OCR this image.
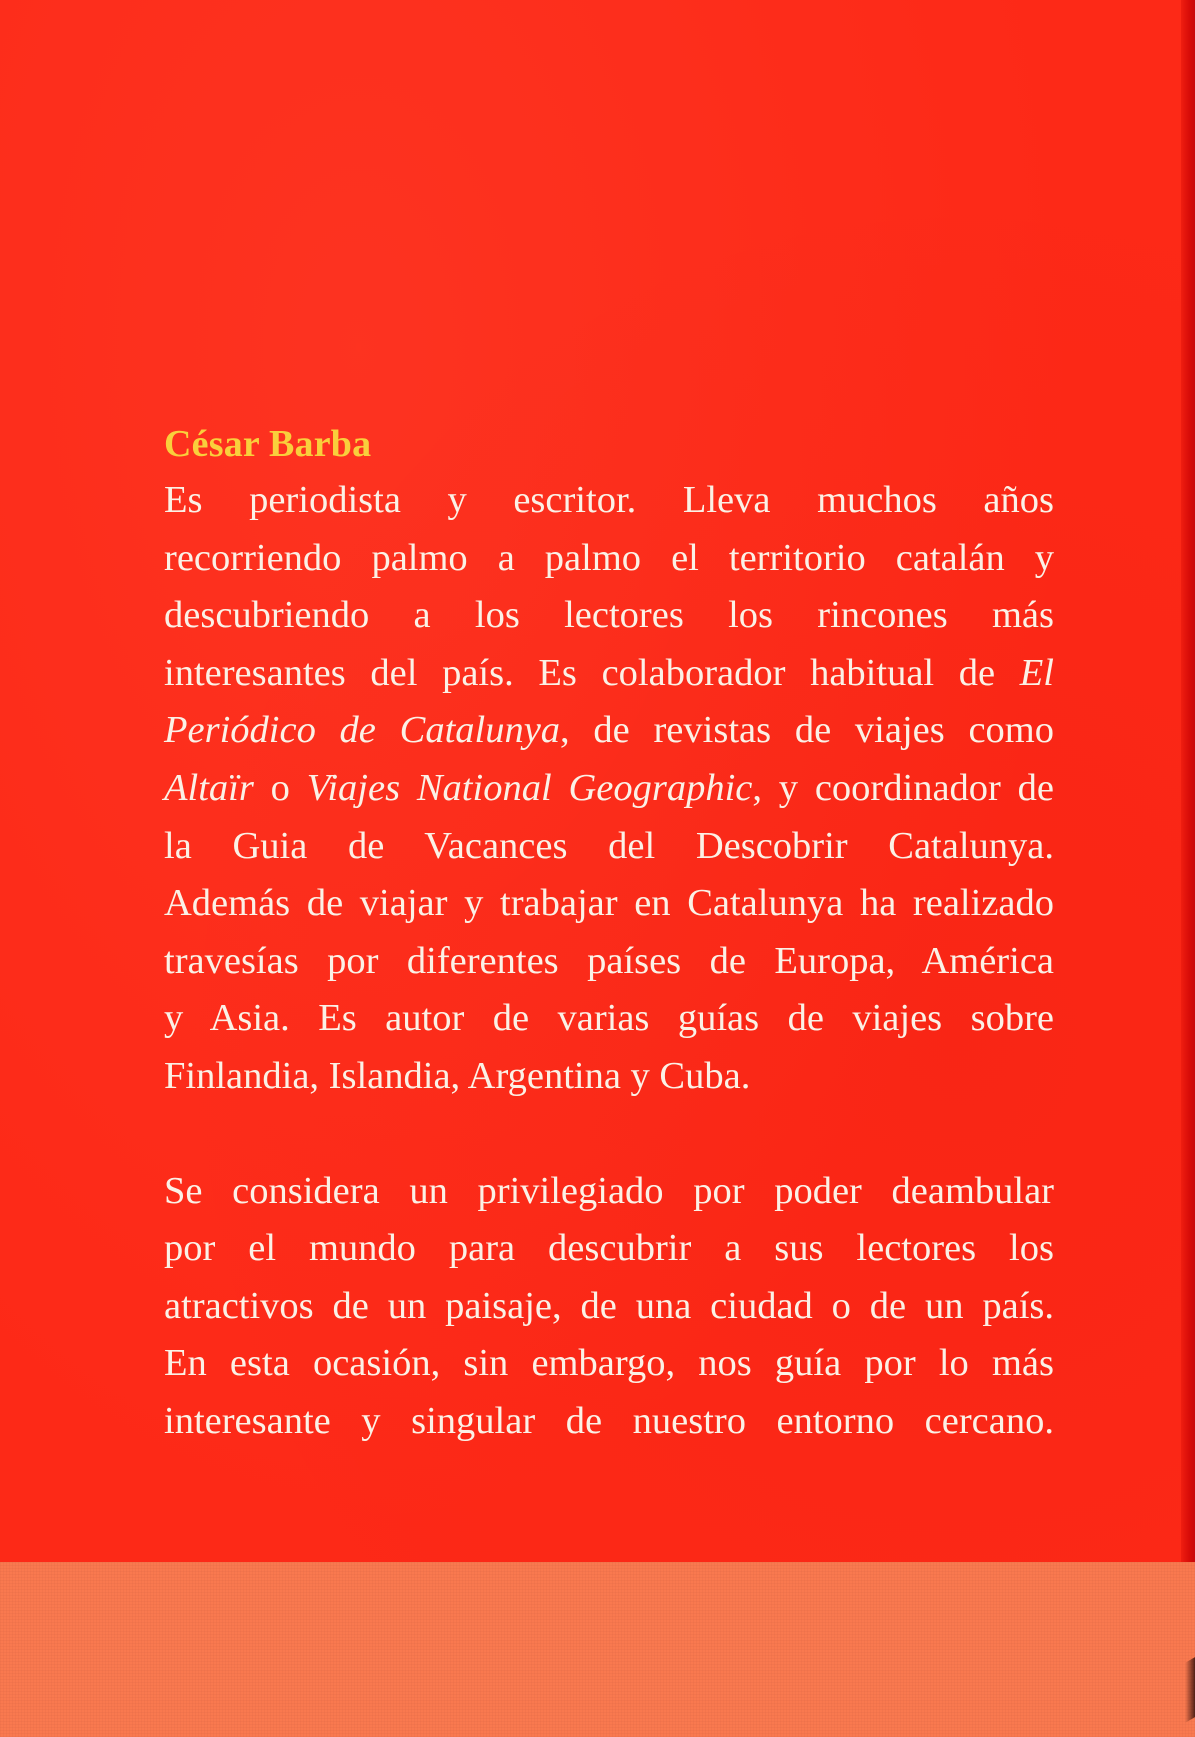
César Barba

Es periodista y escritor. Lleva muchos años

recorriendo palmo a palmo el territorio catalán y

descubriendo a los lectores los rincones más

interesantes del país. Es colaborador habitual de El

Periódico de Catalunya, de revistas de viajes como

Altaïr o Viajes National Geographic, y coordinador de

la Guia de Vacances del Descobrir Catalunya.

Además de viajar y trabajar en Catalunya ha realizado

travesías por diferentes países de Europa, América

y Asia. Es autor de varias guías de viajes sobre

Finlandia, Islandia, Argentina y Cuba.

Se considera un privilegiado por poder deambular

por el mundo para descubrir a sus lectores los

atractivos de un paisaje, de una ciudad o de un país.

En esta ocasión, sin embargo, nos guía por lo más

interesante y singular de nuestro entorno cercano.
